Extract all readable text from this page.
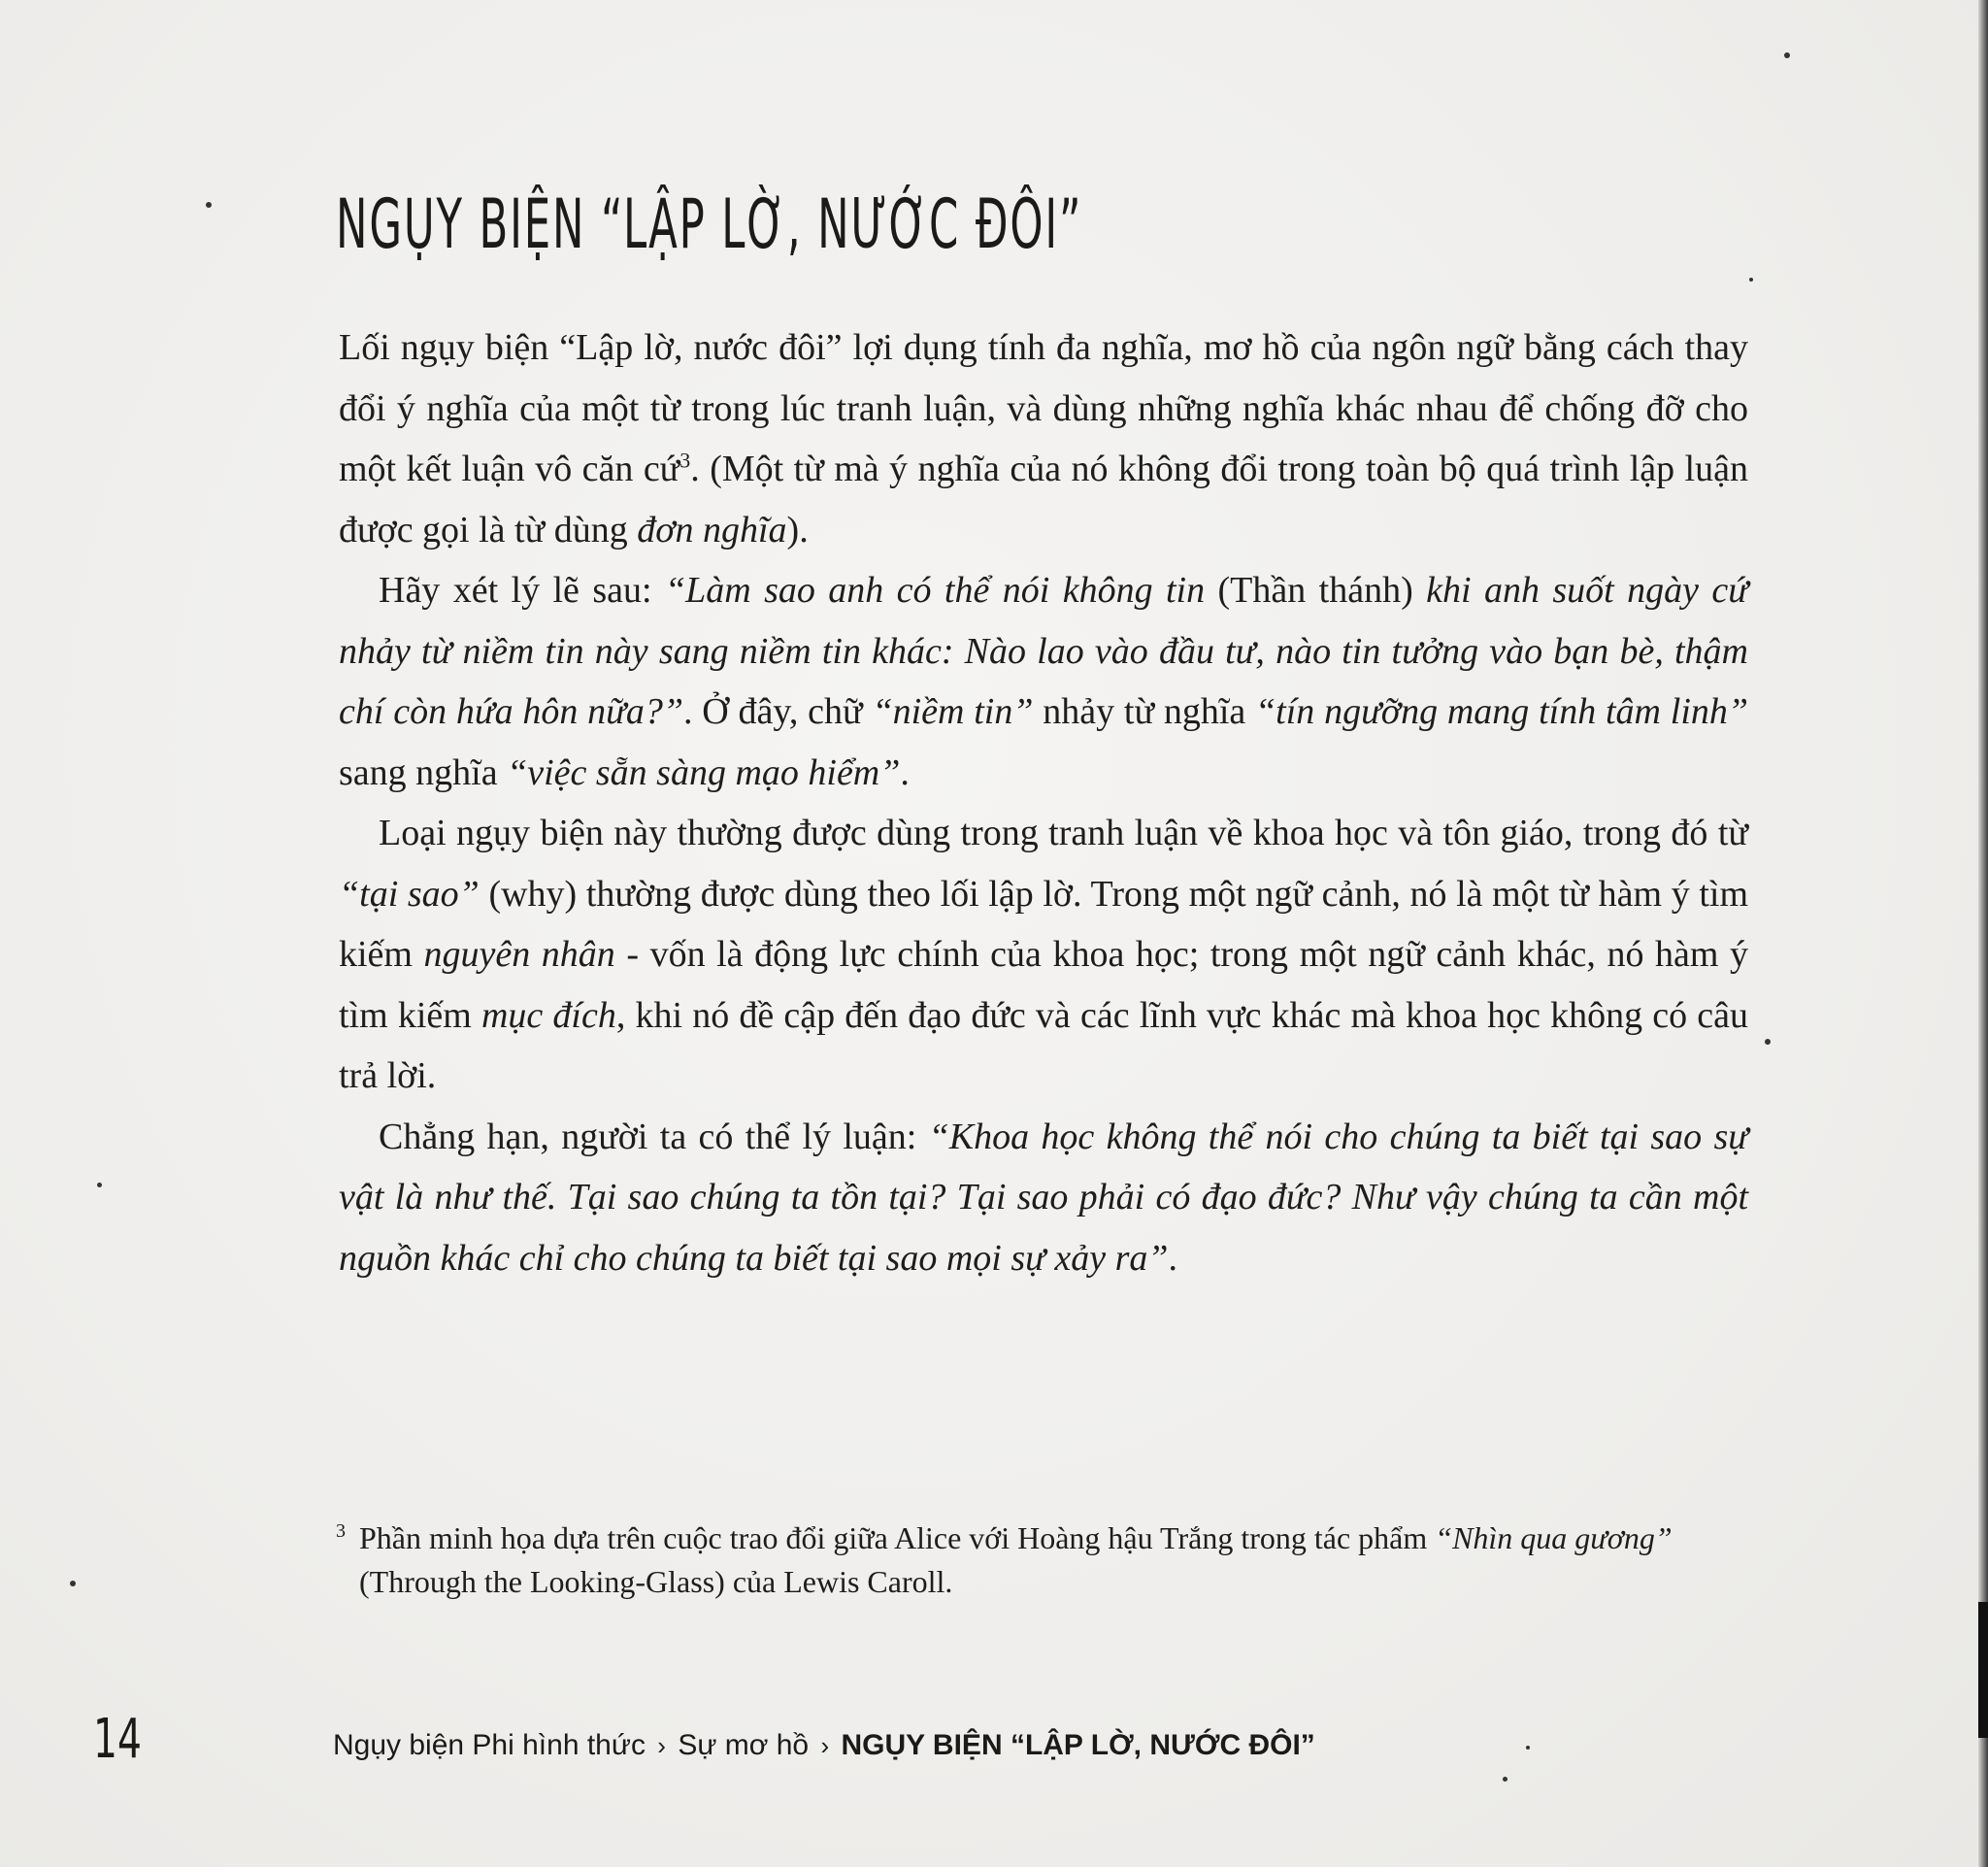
NGỤY BIỆN “LẬP LỜ, NƯỚC ĐÔI”

Lối ngụy biện “Lập lờ, nước đôi” lợi dụng tính đa nghĩa, mơ hồ của ngôn ngữ bằng cách thay đổi ý nghĩa của một từ trong lúc tranh luận, và dùng những nghĩa khác nhau để chống đỡ cho một kết luận vô căn cứ$^3$. (Một từ mà ý nghĩa của nó không đổi trong toàn bộ quá trình lập luận được gọi là từ dùng đơn nghĩa).

Hãy xét lý lẽ sau: “Làm sao anh có thể nói không tin (Thần thánh) khi anh suốt ngày cứ nhảy từ niềm tin này sang niềm tin khác: Nào lao vào đầu tư, nào tin tưởng vào bạn bè, thậm chí còn hứa hôn nữa?”. Ở đây, chữ “niềm tin” nhảy từ nghĩa “tín ngưỡng mang tính tâm linh” sang nghĩa “việc sẵn sàng mạo hiểm”.

Loại ngụy biện này thường được dùng trong tranh luận về khoa học và tôn giáo, trong đó từ “tại sao” (why) thường được dùng theo lối lập lờ. Trong một ngữ cảnh, nó là một từ hàm ý tìm kiếm nguyên nhân - vốn là động lực chính của khoa học; trong một ngữ cảnh khác, nó hàm ý tìm kiếm mục đích, khi nó đề cập đến đạo đức và các lĩnh vực khác mà khoa học không có câu trả lời.

Chẳng hạn, người ta có thể lý luận: “Khoa học không thể nói cho chúng ta biết tại sao sự vật là như thế. Tại sao chúng ta tồn tại? Tại sao phải có đạo đức? Như vậy chúng ta cần một nguồn khác chỉ cho chúng ta biết tại sao mọi sự xảy ra”.

3 Phần minh họa dựa trên cuộc trao đổi giữa Alice với Hoàng hậu Trắng trong tác phẩm “Nhìn qua gương” (Through the Looking-Glass) của Lewis Caroll.
14	Ngụy biện Phi hình thức › Sự mơ hồ › NGỤY BIỆN “LẬP LỜ, NƯỚC ĐÔI”
